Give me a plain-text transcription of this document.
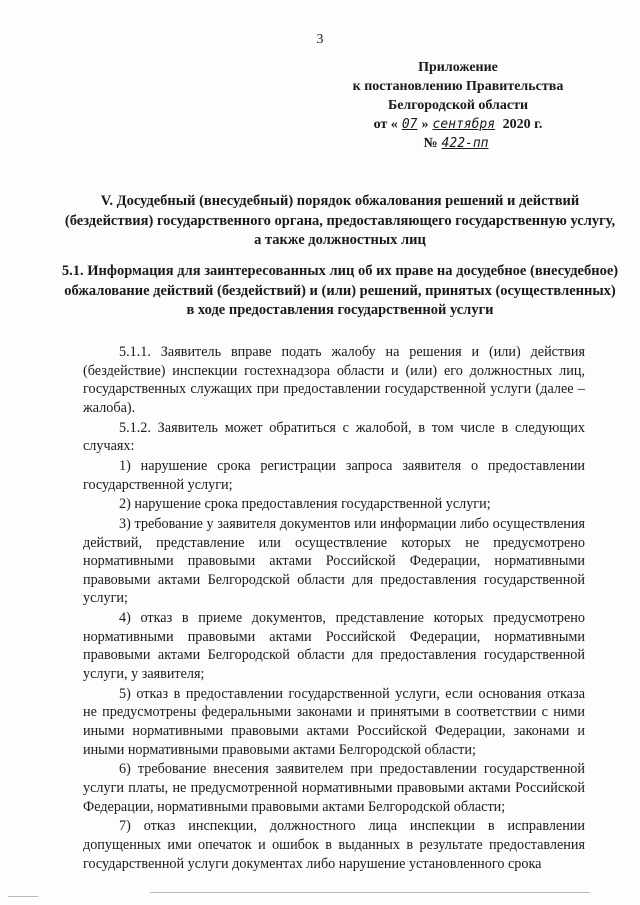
3
Приложение
к постановлению Правительства
Белгородской области
от « 07 » сентября 2020 г.
№ 422-пп
V. Досудебный (внесудебный) порядок обжалования решений и действий (бездействия) государственного органа, предоставляющего государственную услугу, а также должностных лиц
5.1. Информация для заинтересованных лиц об их праве на досудебное (внесудебное) обжалование действий (бездействий) и (или) решений, принятых (осуществленных) в ходе предоставления государственной услуги

5.1.1. Заявитель вправе подать жалобу на решения и (или) действия (бездействие) инспекции гостехнадзора области и (или) его должностных лиц, государственных служащих при предоставлении государственной услуги (далее – жалоба).

5.1.2. Заявитель может обратиться с жалобой, в том числе в следующих случаях:

1) нарушение срока регистрации запроса заявителя о предоставлении государственной услуги;

2) нарушение срока предоставления государственной услуги;

3) требование у заявителя документов или информации либо осуществления действий, представление или осуществление которых не предусмотрено нормативными правовыми актами Российской Федерации, нормативными правовыми актами Белгородской области для предоставления государственной услуги;

4) отказ в приеме документов, представление которых предусмотрено нормативными правовыми актами Российской Федерации, нормативными правовыми актами Белгородской области для предоставления государственной услуги, у заявителя;

5) отказ в предоставлении государственной услуги, если основания отказа не предусмотрены федеральными законами и принятыми в соответствии с ними иными нормативными правовыми актами Российской Федерации, законами и иными нормативными правовыми актами Белгородской области;

6) требование внесения заявителем при предоставлении государственной услуги платы, не предусмотренной нормативными правовыми актами Российской Федерации, нормативными правовыми актами Белгородской области;

7) отказ инспекции, должностного лица инспекции в исправлении допущенных ими опечаток и ошибок в выданных в результате предоставления государственной услуги документах либо нарушение установленного срока
